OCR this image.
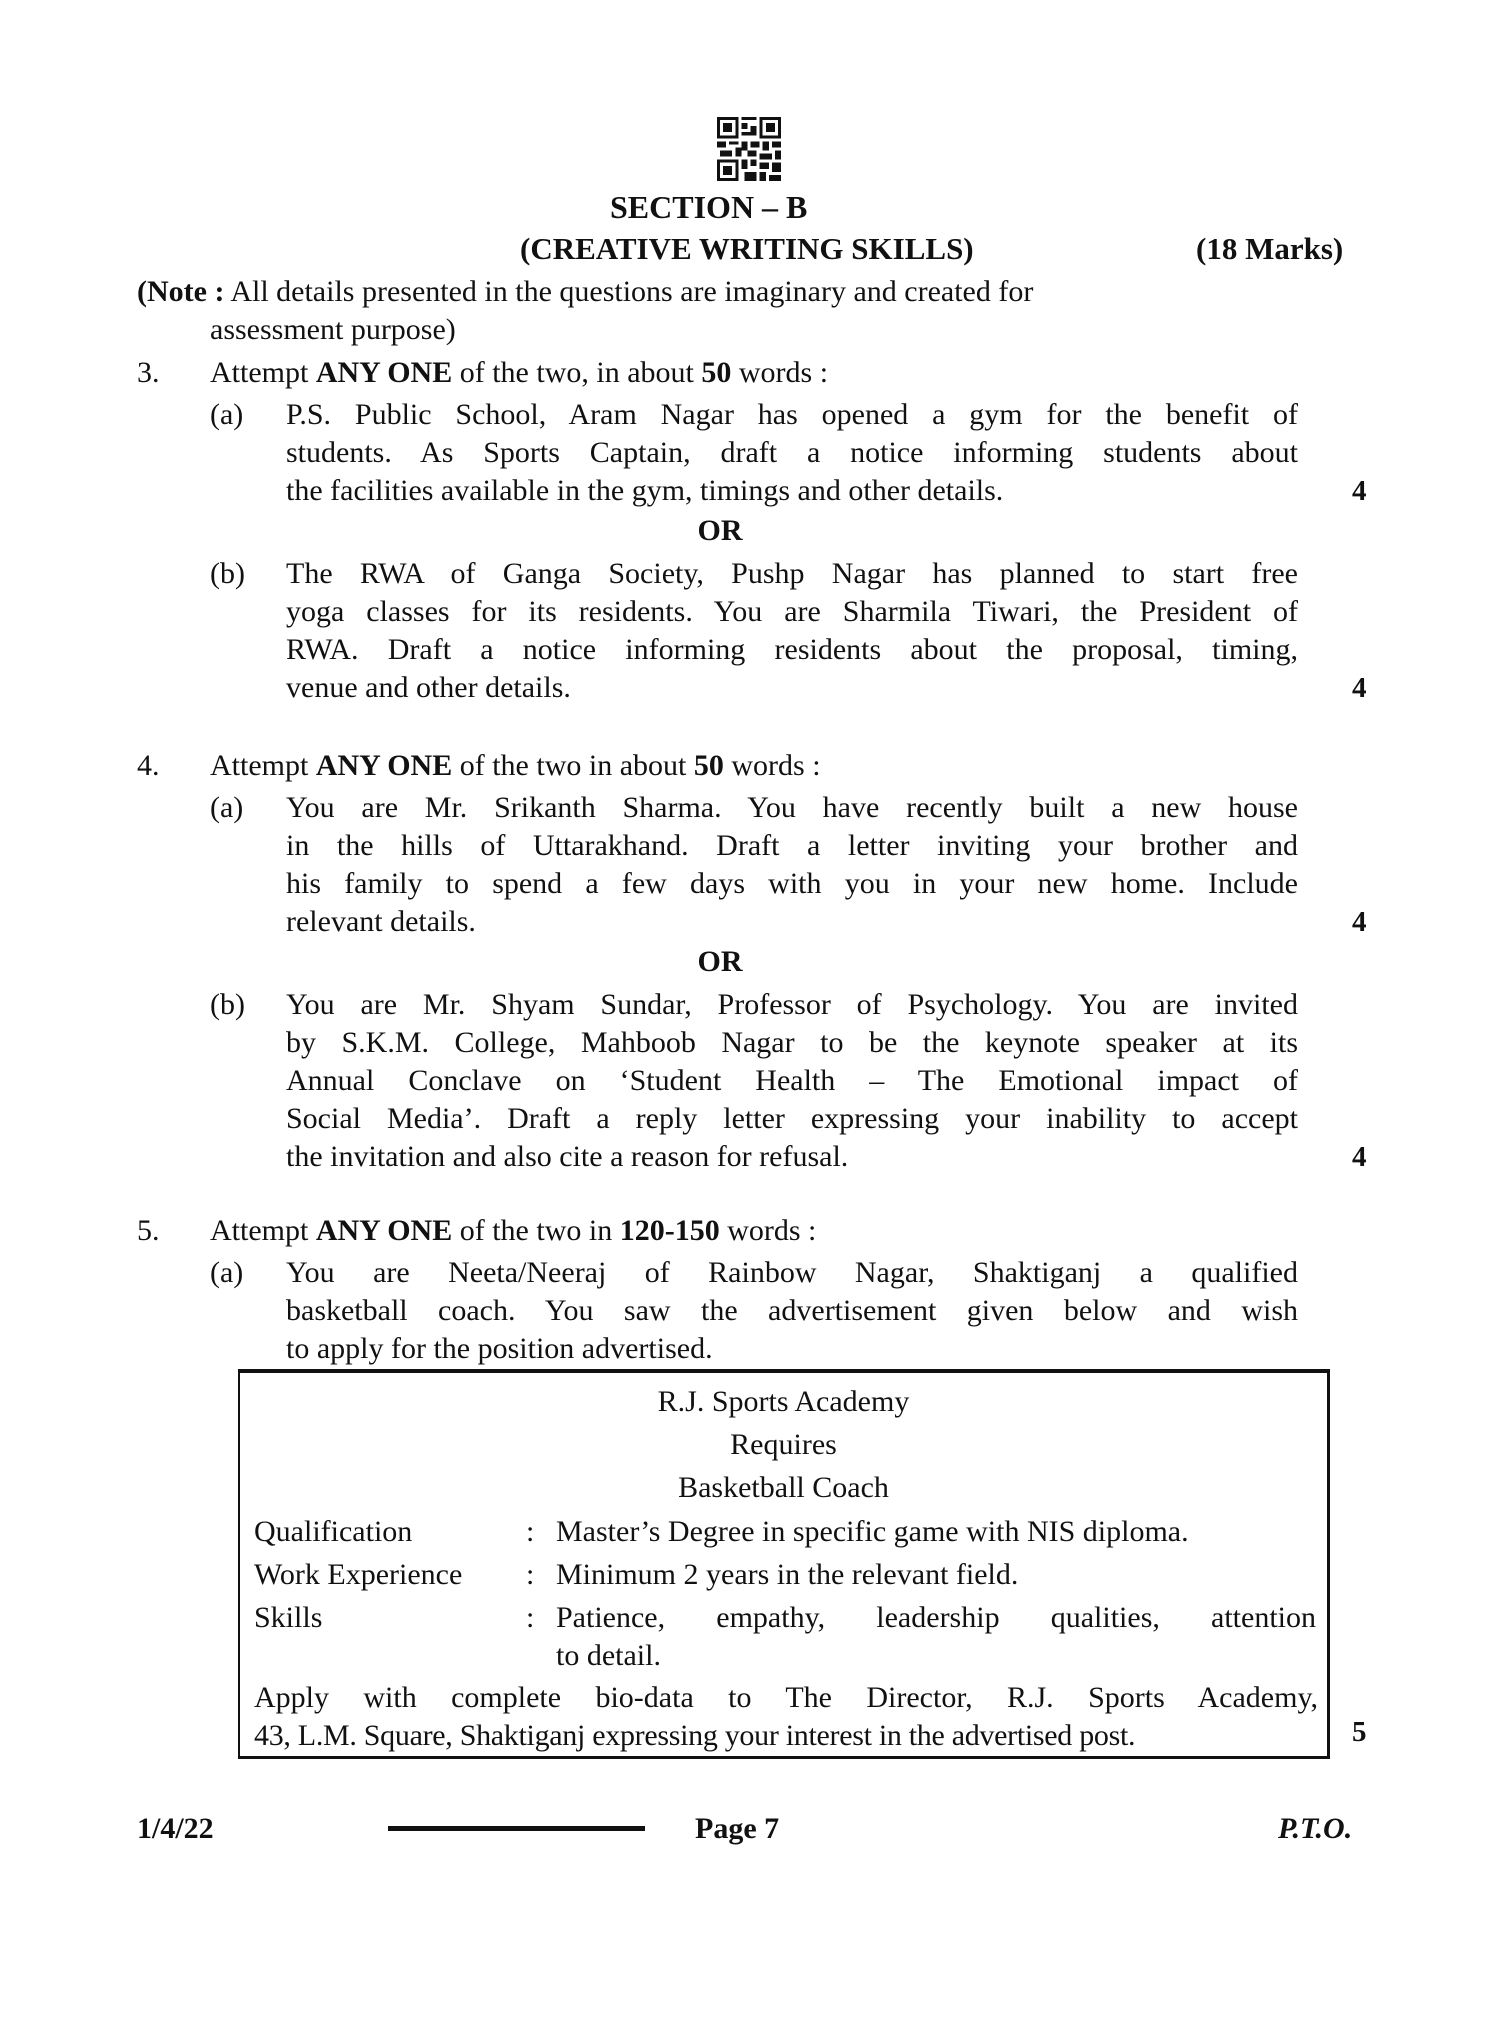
SECTION – B
(CREATIVE WRITING SKILLS)	(18 Marks)
(Note : All details presented in the questions are imaginary and created for
assessment purpose)
3. Attempt ANY ONE of the two, in about 50 words :
(a) P.S. Public School, Aram Nagar has opened a gym for the benefit of
students. As Sports Captain, draft a notice informing students about
the facilities available in the gym, timings and other details.	4
OR
(b) The RWA of Ganga Society, Pushp Nagar has planned to start free
yoga classes for its residents. You are Sharmila Tiwari, the President of
RWA. Draft a notice informing residents about the proposal, timing,
venue and other details.	4
4. Attempt ANY ONE of the two in about 50 words :
(a) You are Mr. Srikanth Sharma. You have recently built a new house
in the hills of Uttarakhand. Draft a letter inviting your brother and
his family to spend a few days with you in your new home. Include
relevant details.	4
OR
(b) You are Mr. Shyam Sundar, Professor of Psychology. You are invited
by S.K.M. College, Mahboob Nagar to be the keynote speaker at its
Annual Conclave on ‘Student Health – The Emotional impact of
Social Media’. Draft a reply letter expressing your inability to accept
the invitation and also cite a reason for refusal.	4
5. Attempt ANY ONE of the two in 120-150 words :
(a) You are Neeta/Neeraj of Rainbow Nagar, Shaktiganj a qualified
basketball coach. You saw the advertisement given below and wish
to apply for the position advertised.
R.J. Sports Academy
Requires
Basketball Coach
Qualification	: Master’s Degree in specific game with NIS diploma.
Work Experience : Minimum 2 years in the relevant field.
Skills	: Patience, empathy, leadership qualities, attention
to detail.
Apply with complete bio-data to The Director, R.J. Sports Academy,
43, L.M. Square, Shaktiganj expressing your interest in the advertised post.	5
1/4/22	Page 7	P.T.O.
